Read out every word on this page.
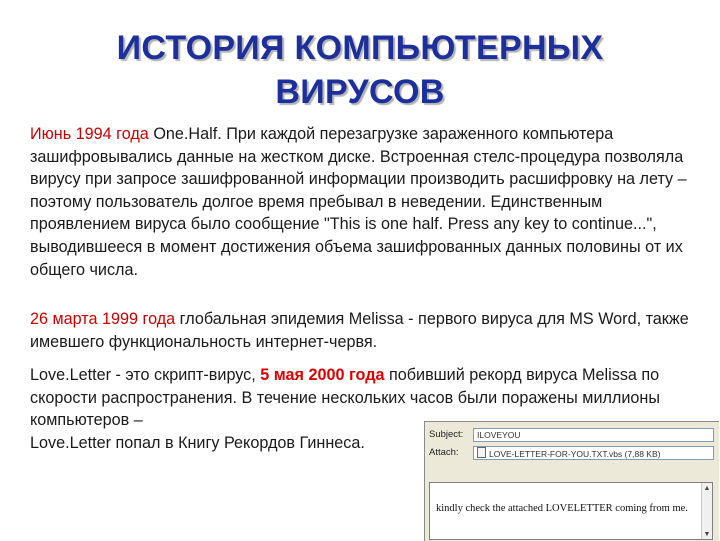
ИСТОРИЯ КОМПЬЮТЕРНЫХ
ВИРУСОВ

Июнь 1994 года One.Half. При каждой перезагрузке зараженного компьютера зашифровывались данные на жестком диске. Встроенная стелс-процедура позволяла вирусу при запросе зашифрованной информации производить расшифровку на лету – поэтому пользователь долгое время пребывал в неведении. Единственным проявлением вируса было сообщение "This is one half. Press any key to continue...", выводившееся в момент достижения объема зашифрованных данных половины от их общего числа.

26 марта 1999 года глобальная эпидемия Melissa - первого вируса для MS Word, также имевшего функциональность интернет-червя.

Love.Letter - это скрипт-вирус, 5 мая 2000 года побивший рекорд вируса Melissa по скорости распространения. В течение нескольких часов были поражены миллионы компьютеров –
Love.Letter попал в Книгу Рекордов Гиннеса.	Subject:	ILOVEYOU
Attach:	LOVE-LETTER-FOR-YOU.TXT.vbs (7,88 KB)
kindly check the attached LOVELETTER coming from me.
▲
▼
